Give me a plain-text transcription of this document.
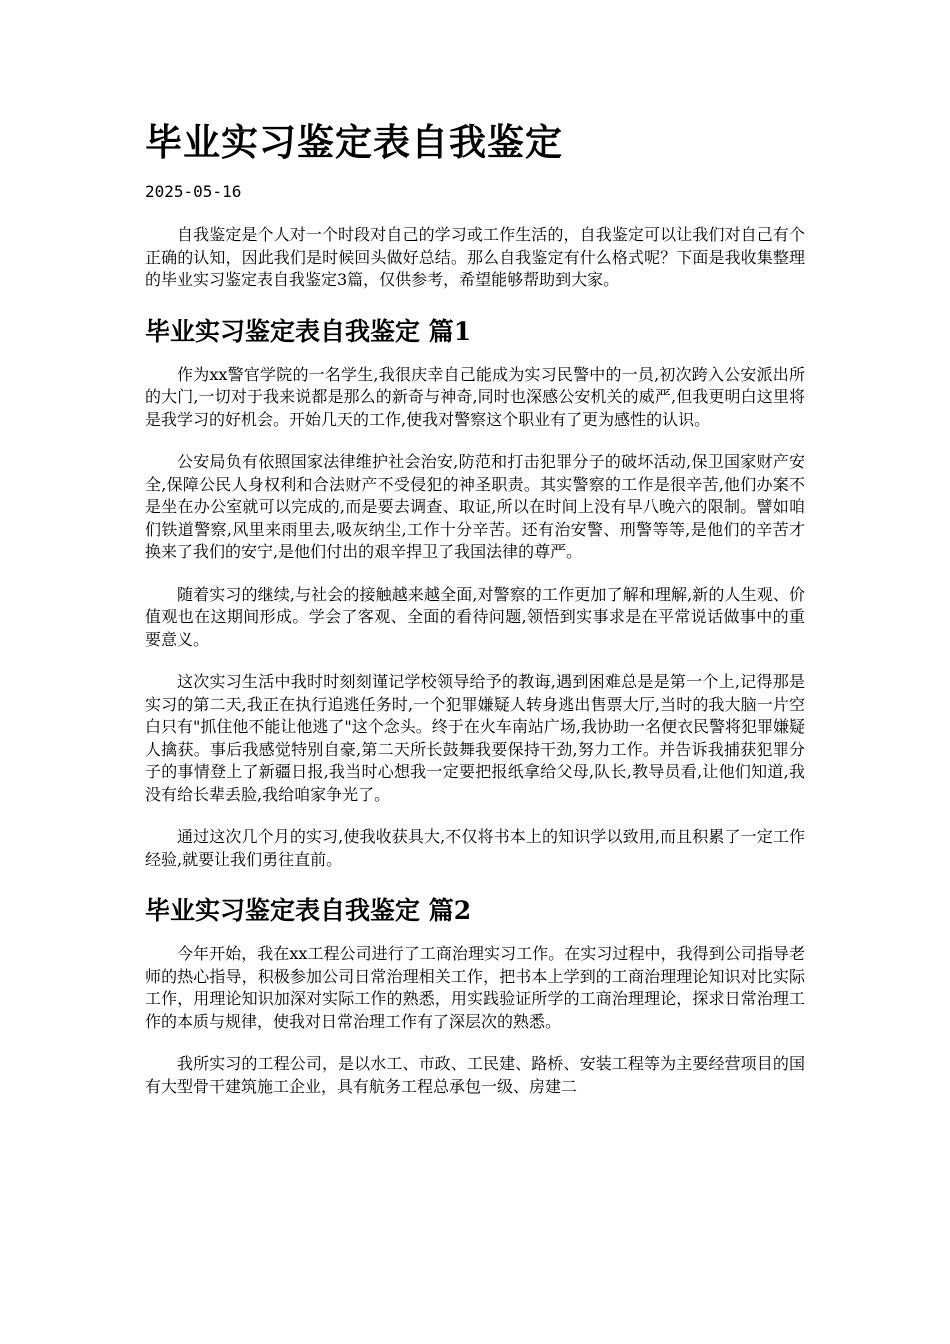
毕业实习鉴定表自我鉴定
2025-05-16

自我鉴定是个人对一个时段对自己的学习或工作生活的，自我鉴定可以让我们对自己有个正确的认知，因此我们是时候回头做好总结。那么自我鉴定有什么格式呢？下面是我收集整理的毕业实习鉴定表自我鉴定3篇，仅供参考，希望能够帮助到大家。

毕业实习鉴定表自我鉴定 篇1

作为xx警官学院的一名学生,我很庆幸自己能成为实习民警中的一员,初次跨入公安派出所的大门,一切对于我来说都是那么的新奇与神奇,同时也深感公安机关的威严,但我更明白这里将是我学习的好机会。开始几天的工作,使我对警察这个职业有了更为感性的认识。

公安局负有依照国家法律维护社会治安,防范和打击犯罪分子的破坏活动,保卫国家财产安全,保障公民人身权利和合法财产不受侵犯的神圣职责。其实警察的工作是很辛苦,他们办案不是坐在办公室就可以完成的,而是要去调查、取证,所以在时间上没有早八晚六的限制。譬如咱们铁道警察,风里来雨里去,吸灰纳尘,工作十分辛苦。还有治安警、刑警等等,是他们的辛苦才换来了我们的安宁,是他们付出的艰辛捍卫了我国法律的尊严。

随着实习的继续,与社会的接触越来越全面,对警察的工作更加了解和理解,新的人生观、价值观也在这期间形成。学会了客观、全面的看待问题,领悟到实事求是在平常说话做事中的重要意义。

这次实习生活中我时时刻刻谨记学校领导给予的教诲,遇到困难总是是第一个上,记得那是实习的第二天,我正在执行追逃任务时,一个犯罪嫌疑人转身逃出售票大厅,当时的我大脑一片空白只有"抓住他不能让他逃了"这个念头。终于在火车南站广场,我协助一名便衣民警将犯罪嫌疑人擒获。事后我感觉特别自豪,第二天所长鼓舞我要保持干劲,努力工作。并告诉我捕获犯罪分子的事情登上了新疆日报,我当时心想我一定要把报纸拿给父母,队长,教导员看,让他们知道,我没有给长辈丢脸,我给咱家争光了。

通过这次几个月的实习,使我收获具大,不仅将书本上的知识学以致用,而且积累了一定工作经验,就要让我们勇往直前。

毕业实习鉴定表自我鉴定 篇2

今年开始，我在xx工程公司进行了工商治理实习工作。在实习过程中，我得到公司指导老师的热心指导，积极参加公司日常治理相关工作，把书本上学到的工商治理理论知识对比实际工作，用理论知识加深对实际工作的熟悉，用实践验证所学的工商治理理论，探求日常治理工作的本质与规律，使我对日常治理工作有了深层次的熟悉。

我所实习的工程公司，是以水工、市政、工民建、路桥、安装工程等为主要经营项目的国有大型骨干建筑施工企业，具有航务工程总承包一级、房建二
